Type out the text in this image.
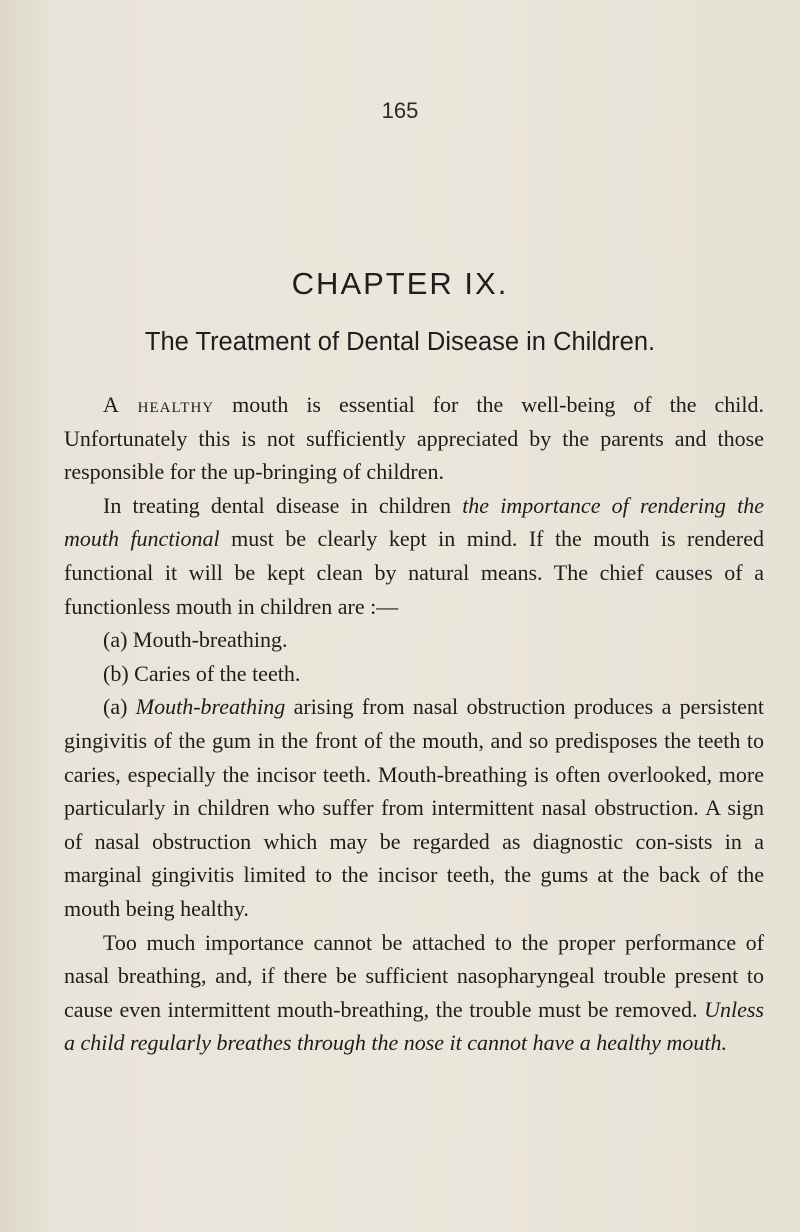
165
CHAPTER IX.
The Treatment of Dental Disease in Children.

A healthy mouth is essential for the well-being of the child. Unfortunately this is not sufficiently appreciated by the parents and those responsible for the up-bringing of children.

In treating dental disease in children the importance of rendering the mouth functional must be clearly kept in mind. If the mouth is rendered functional it will be kept clean by natural means. The chief causes of a functionless mouth in children are :—

(a) Mouth-breathing.

(b) Caries of the teeth.

(a) Mouth-breathing arising from nasal obstruction produces a persistent gingivitis of the gum in the front of the mouth, and so predisposes the teeth to caries, especially the incisor teeth. Mouth-breathing is often overlooked, more particularly in children who suffer from intermittent nasal obstruction. A sign of nasal obstruction which may be regarded as diagnostic con-sists in a marginal gingivitis limited to the incisor teeth, the gums at the back of the mouth being healthy.

Too much importance cannot be attached to the proper performance of nasal breathing, and, if there be sufficient nasopharyngeal trouble present to cause even intermittent mouth-breathing, the trouble must be removed. Unless a child regularly breathes through the nose it cannot have a healthy mouth.
